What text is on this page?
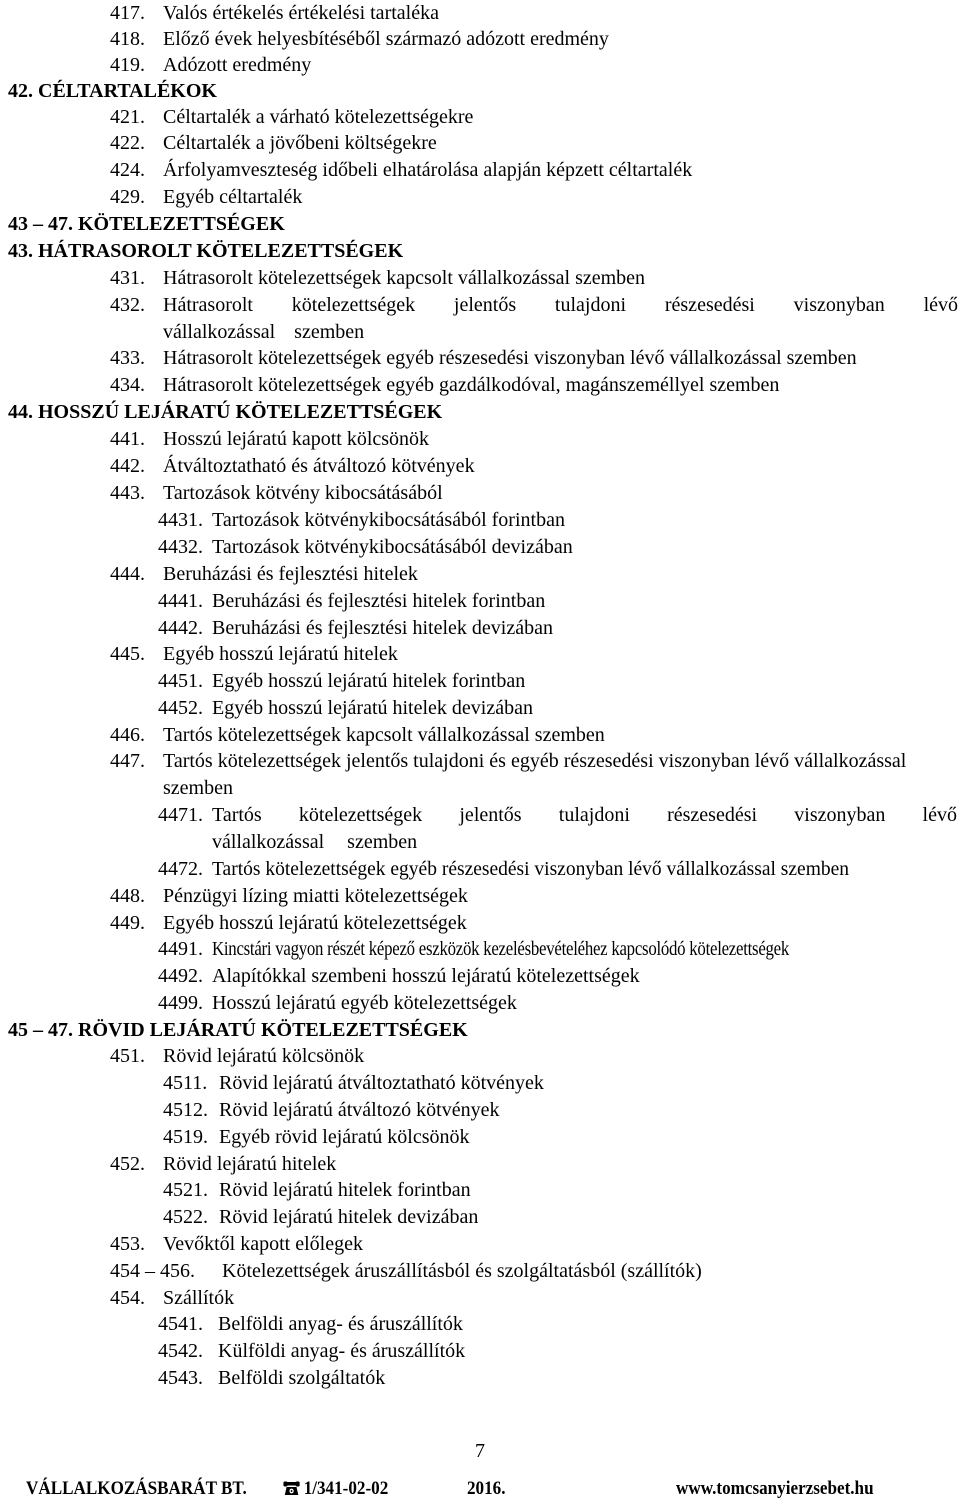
417. Valós értékelés értékelési tartaléka
418. Előző évek helyesbítéséből származó adózott eredmény
419. Adózott eredmény
42. CÉLTARTALÉKOK
421. Céltartalék a várható kötelezettségekre
422. Céltartalék a jövőbeni költségekre
424. Árfolyamveszteség időbeli elhatárolása alapján képzett céltartalék
429. Egyéb céltartalék
43 – 47. KÖTELEZETTSÉGEK
43. HÁTRASOROLT KÖTELEZETTSÉGEK
431. Hátrasorolt kötelezettségek kapcsolt vállalkozással szemben
432. Hátrasorolt kötelezettségek jelentős tulajdoni részesedési viszonyban lévő vállalkozással szemben
433. Hátrasorolt kötelezettségek egyéb részesedési viszonyban lévő vállalkozással szemben
434. Hátrasorolt kötelezettségek egyéb gazdálkodóval, magánszeméllyel szemben
44. HOSSZÚ LEJÁRATÚ KÖTELEZETTSÉGEK
441. Hosszú lejáratú kapott kölcsönök
442. Átváltoztatható és átváltozó kötvények
443. Tartozások kötvény kibocsátásából
4431. Tartozások kötvénykibocsátásából forintban
4432. Tartozások kötvénykibocsátásából devizában
444. Beruházási és fejlesztési hitelek
4441. Beruházási és fejlesztési hitelek forintban
4442. Beruházási és fejlesztési hitelek devizában
445. Egyéb hosszú lejáratú hitelek
4451. Egyéb hosszú lejáratú hitelek forintban
4452. Egyéb hosszú lejáratú hitelek devizában
446. Tartós kötelezettségek kapcsolt vállalkozással szemben
447. Tartós kötelezettségek jelentős tulajdoni és egyéb részesedési viszonyban lévő vállalkozással szemben
4471. Tartós kötelezettségek jelentős tulajdoni részesedési viszonyban lévő vállalkozással szemben
4472. Tartós kötelezettségek egyéb részesedési viszonyban lévő vállalkozással szemben
448. Pénzügyi lízing miatti kötelezettségek
449. Egyéb hosszú lejáratú kötelezettségek
4491. Kincstári vagyon részét képező eszközök kezelésbevételéhez kapcsolódó kötelezettségek
4492. Alapítókkal szembeni hosszú lejáratú kötelezettségek
4499. Hosszú lejáratú egyéb kötelezettségek
45 – 47. RÖVID LEJÁRATÚ KÖTELEZETTSÉGEK
451. Rövid lejáratú kölcsönök
4511. Rövid lejáratú átváltoztatható kötvények
4512. Rövid lejáratú átváltozó kötvények
4519. Egyéb rövid lejáratú kölcsönök
452. Rövid lejáratú hitelek
4521. Rövid lejáratú hitelek forintban
4522. Rövid lejáratú hitelek devizában
453. Vevőktől kapott előlegek
454 – 456. Kötelezettségek áruszállításból és szolgáltatásból (szállítók)
454. Szállítók
4541. Belföldi anyag- és áruszállítók
4542. Külföldi anyag- és áruszállítók
4543. Belföldi szolgáltatók
7
VÁLLALKOZÁSBARÁT BT.	1/341-02-02	2016.	www.tomcsanyierzsebet.hu
